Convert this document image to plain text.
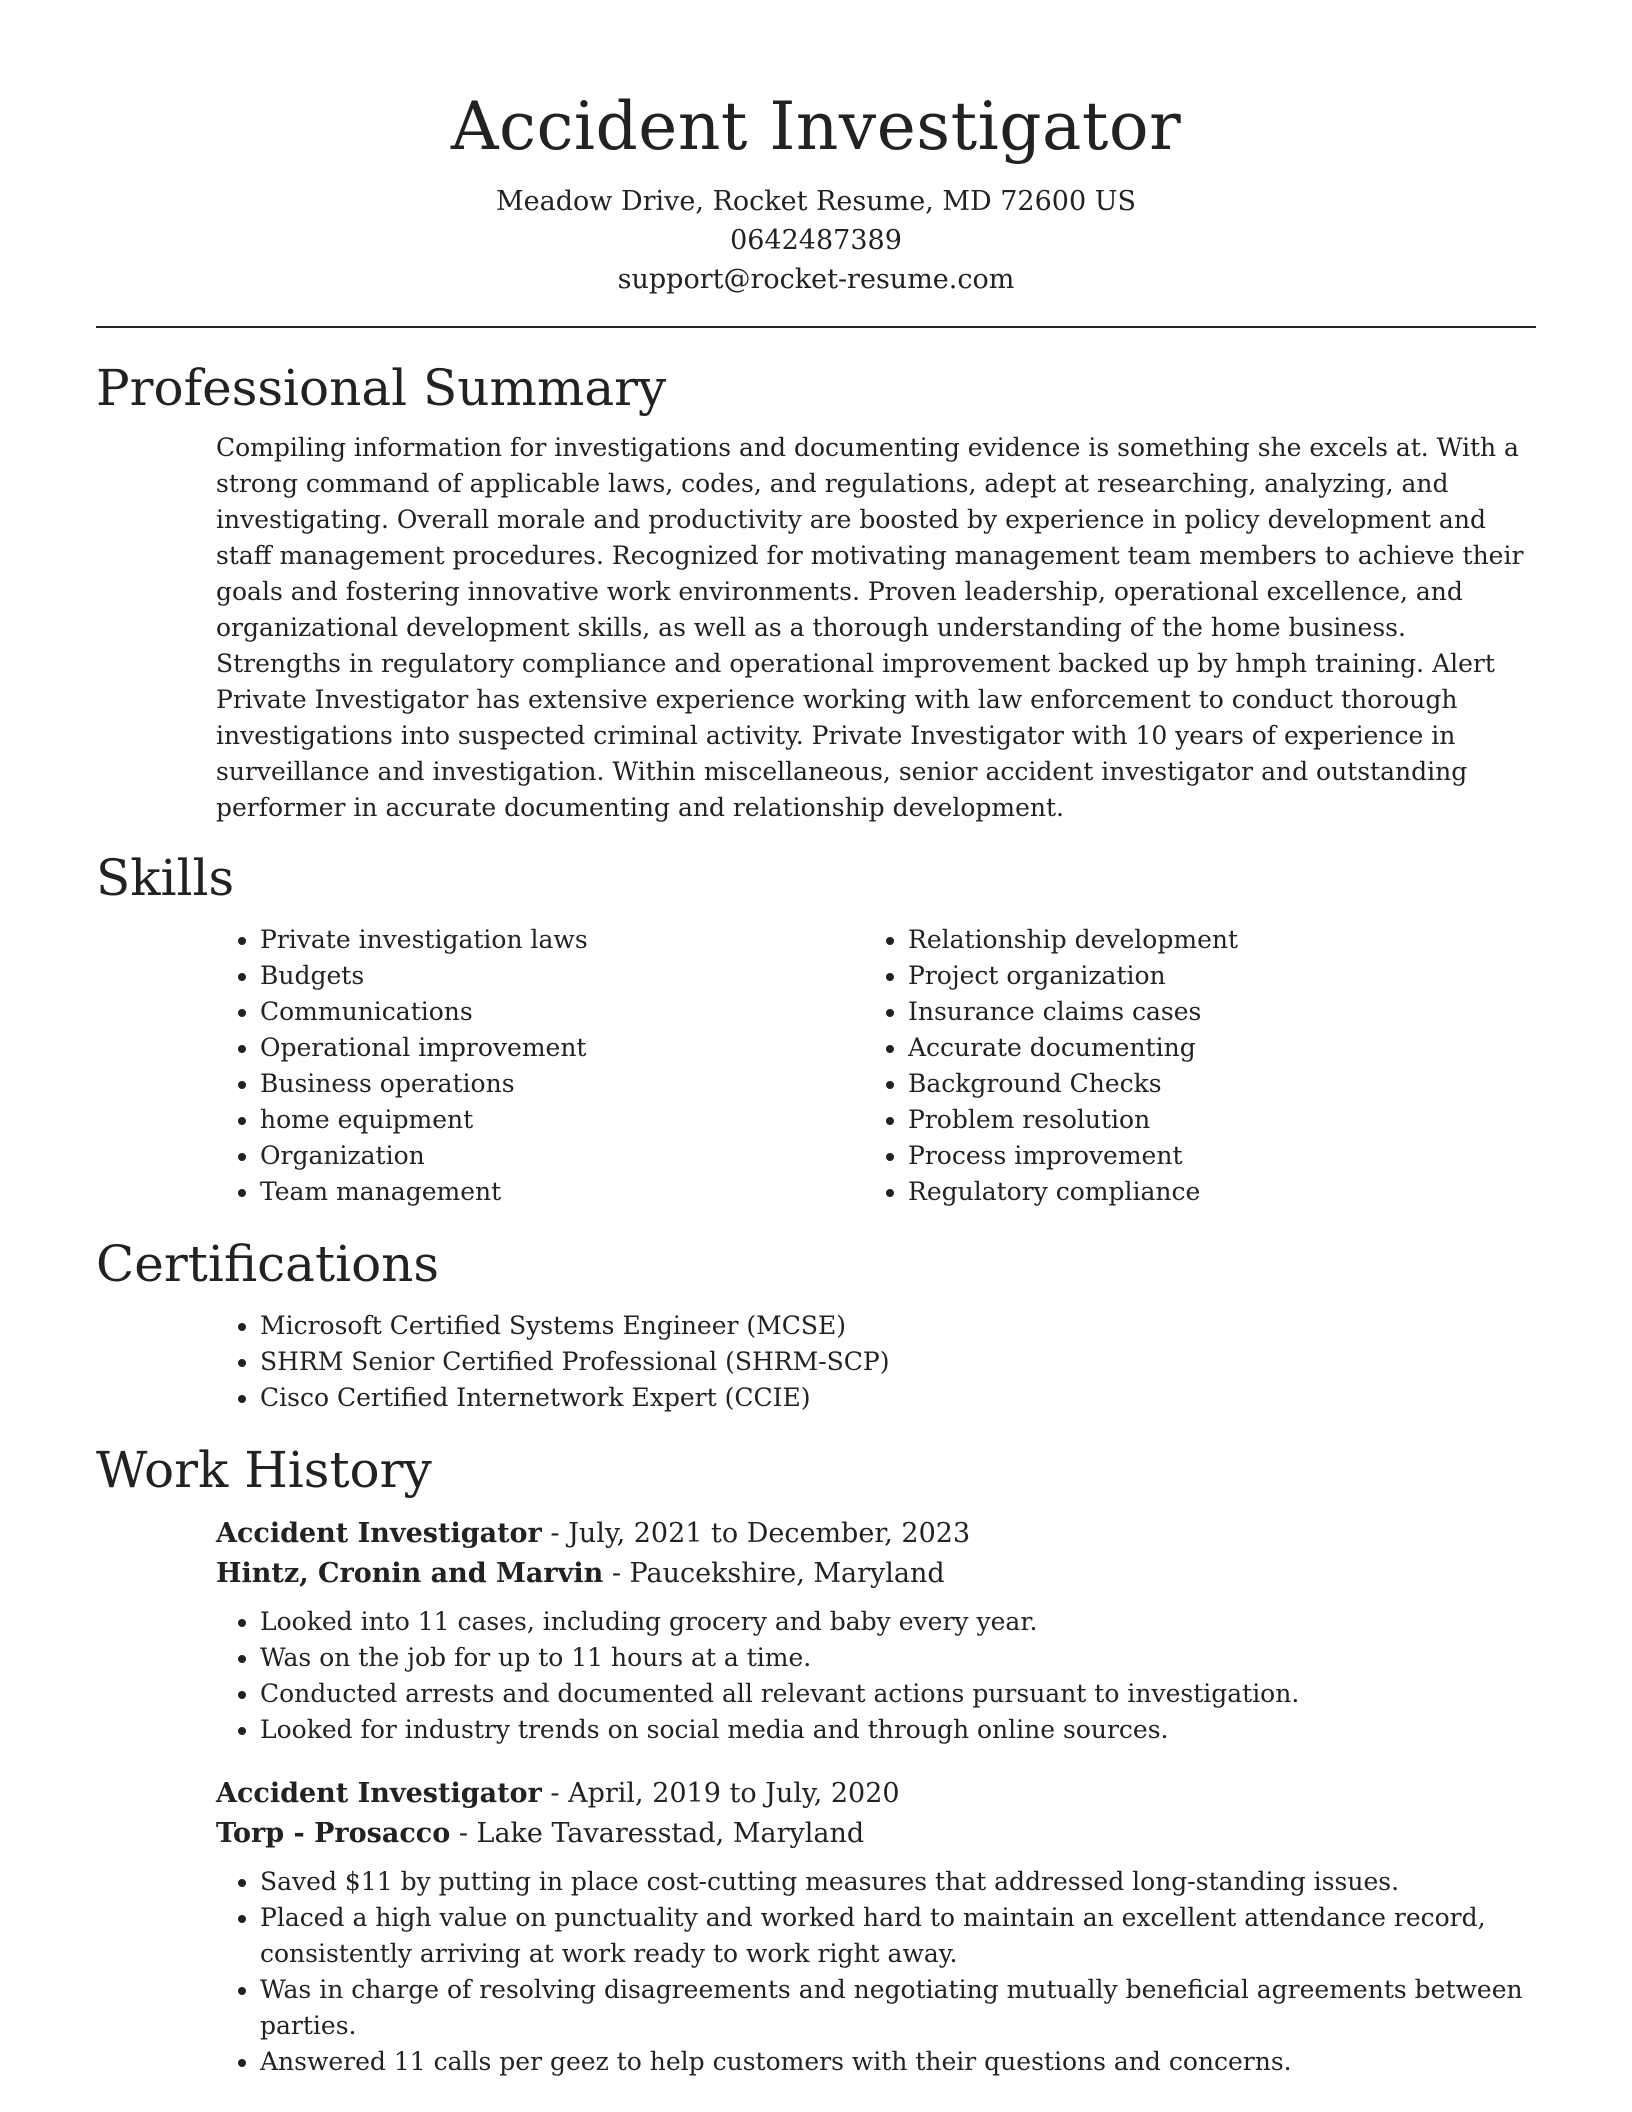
Accident Investigator
Meadow Drive, Rocket Resume, MD 72600 US
0642487389
support@rocket-resume.com
Professional Summary
Compiling information for investigations and documenting evidence is something she excels at. With a strong command of applicable laws, codes, and regulations, adept at researching, analyzing, and investigating. Overall morale and productivity are boosted by experience in policy development and staff management procedures. Recognized for motivating management team members to achieve their goals and fostering innovative work environments. Proven leadership, operational excellence, and organizational development skills, as well as a thorough understanding of the home business. Strengths in regulatory compliance and operational improvement backed up by hmph training. Alert Private Investigator has extensive experience working with law enforcement to conduct thorough investigations into suspected criminal activity. Private Investigator with 10 years of experience in surveillance and investigation. Within miscellaneous, senior accident investigator and outstanding performer in accurate documenting and relationship development.
Skills
• Private investigation laws
• Budgets
• Communications
• Operational improvement
• Business operations
• home equipment
• Organization
• Team management
• Relationship development
• Project organization
• Insurance claims cases
• Accurate documenting
• Background Checks
• Problem resolution
• Process improvement
• Regulatory compliance
Certifications
• Microsoft Certified Systems Engineer (MCSE)
• SHRM Senior Certified Professional (SHRM-SCP)
• Cisco Certified Internetwork Expert (CCIE)
Work History
Accident Investigator - July, 2021 to December, 2023
Hintz, Cronin and Marvin - Paucekshire, Maryland
• Looked into 11 cases, including grocery and baby every year.
• Was on the job for up to 11 hours at a time.
• Conducted arrests and documented all relevant actions pursuant to investigation.
• Looked for industry trends on social media and through online sources.
Accident Investigator - April, 2019 to July, 2020
Torp - Prosacco - Lake Tavaresstad, Maryland
• Saved $11 by putting in place cost-cutting measures that addressed long-standing issues.
• Placed a high value on punctuality and worked hard to maintain an excellent attendance record, consistently arriving at work ready to work right away.
• Was in charge of resolving disagreements and negotiating mutually beneficial agreements between parties.
• Answered 11 calls per geez to help customers with their questions and concerns.
